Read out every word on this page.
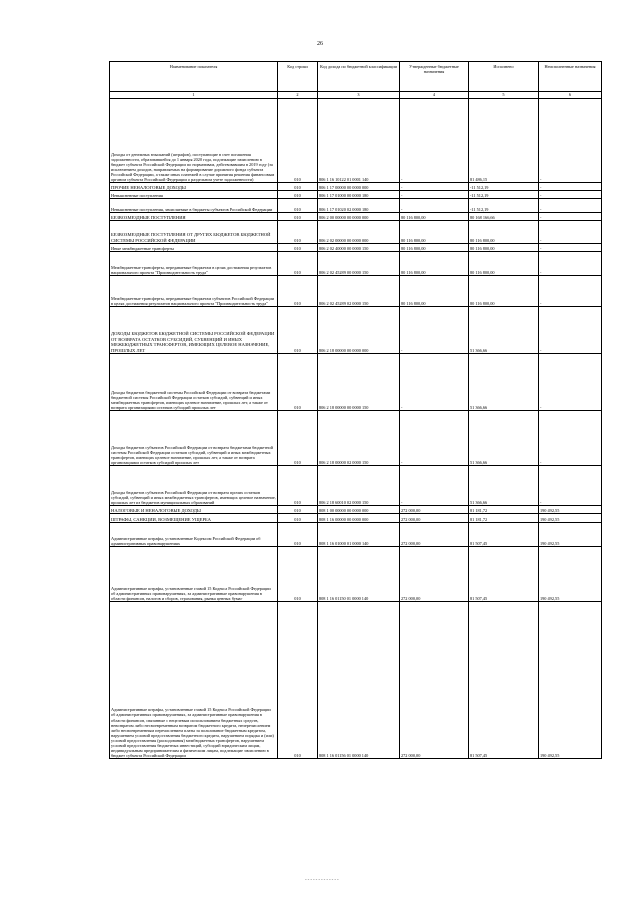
26
Наименование показателя	Код строки	Код дохода по бюджетной классификации	Утвержденные бюджетные назначения	Исполнено	Неисполненные назначения
1	2	3	4	5	6
Доходы от денежных взысканий (штрафов), поступающие в счет погашения задолженности, образовавшейся до 1 января 2020 года, подлежащие зачислению в бюджет субъекта Российской Федерации по нормативам, действовавшим в 2019 году (за исключением доходов, направляемых на формирование дорожного фонда субъекта Российской Федерации, а также иных платежей в случае принятия решения финансовым органом субъекта Российской Федерации о раздельном учете задолженности)	010	806 1 16 10122 01 0001 140	-	81 486,15	-
ПРОЧИЕ НЕНАЛОГОВЫЕ ДОХОДЫ	010	806 1 17 00000 00 0000 000	-	-11 512,19	-
Невыясненные поступления	010	806 1 17 01000 00 0000 180	-	-11 512,19	-
Невыясненные поступления, зачисляемые в бюджеты субъектов Российской Федерации	010	806 1 17 01020 02 0000 180	-	-11 512,19	-
БЕЗВОЗМЕЗДНЫЕ ПОСТУПЛЕНИЯ	010	806 2 00 00000 00 0000 000	80 116 800,00	80 168 166,66	-
БЕЗВОЗМЕЗДНЫЕ ПОСТУПЛЕНИЯ ОТ ДРУГИХ БЮДЖЕТОВ БЮДЖЕТНОЙ СИСТЕМЫ РОССИЙСКОЙ ФЕДЕРАЦИИ	010	806 2 02 00000 00 0000 000	80 116 800,00	80 116 800,00	-
Иные межбюджетные трансферты	010	806 2 02 40000 00 0000 150	80 116 800,00	80 116 800,00	-
Межбюджетные трансферты, передаваемые бюджетам в целях достижения результатов национального проекта "Производительность труда"	010	806 2 02 45289 00 0000 150	80 116 800,00	80 116 800,00	-
Межбюджетные трансферты, передаваемые бюджетам субъектов Российской Федерации в целях достижения результатов национального проекта "Производительность труда"	010	806 2 02 45289 02 0000 150	80 116 800,00	80 116 800,00	-
ДОХОДЫ БЮДЖЕТОВ БЮДЖЕТНОЙ СИСТЕМЫ РОССИЙСКОЙ ФЕДЕРАЦИИ ОТ ВОЗВРАТА ОСТАТКОВ СУБСИДИЙ, СУБВЕНЦИЙ И ИНЫХ МЕЖБЮДЖЕТНЫХ ТРАНСФЕРТОВ, ИМЕЮЩИХ ЦЕЛЕВОЕ НАЗНАЧЕНИЕ, ПРОШЛЫХ ЛЕТ	010	806 2 18 00000 00 0000 000	-	51 366,66	-
Доходы бюджетов бюджетной системы Российской Федерации от возврата бюджетами бюджетной системы Российской Федерации остатков субсидий, субвенций и иных межбюджетных трансфертов, имеющих целевое назначение, прошлых лет, а также от возврата организациями остатков субсидий прошлых лет	010	806 2 18 00000 00 0000 150	-	51 366,66	-
Доходы бюджетов субъектов Российской Федерации от возврата бюджетами бюджетной системы Российской Федерации остатков субсидий, субвенций и иных межбюджетных трансфертов, имеющих целевое назначение, прошлых лет, а также от возврата организациями остатков субсидий прошлых лет	010	806 2 18 00000 02 0000 150	-	51 366,66	-
Доходы бюджетов субъектов Российской Федерации от возврата прочих остатков субсидий, субвенций и иных межбюджетных трансфертов, имеющих целевое назначение, прошлых лет из бюджетов муниципальных образований	010	806 2 18 60010 02 0000 150	-	51 366,66	-
НАЛОГОВЫЕ И НЕНАЛОГОВЫЕ ДОХОДЫ	010	808 1 00 00000 00 0000 000	272 000,00	81 181,72	190 492,55
ШТРАФЫ, САНКЦИИ, ВОЗМЕЩЕНИЕ УЩЕРБА	010	808 1 16 00000 00 0000 000	272 000,00	81 181,72	190 492,55
Административные штрафы, установленные Кодексом Российской Федерации об административных правонарушениях	010	808 1 16 01000 01 0000 140	272 000,00	81 507,45	190 492,55
Административные штрафы, установленные главой 15 Кодекса Российской Федерации об административных правонарушениях, за административные правонарушения в области финансов, налогов и сборов, страхования, рынка ценных бумаг	010	808 1 16 01150 01 0000 140	272 000,00	81 507,45	190 492,55
Административные штрафы, установленные главой 15 Кодекса Российской Федерации об административных правонарушениях, за административные правонарушения в области финансов, связанные с нецелевым использованием бюджетных средств, невозвратом либо несвоевременным возвратом бюджетного кредита, неперечислением либо несвоевременным перечислением платы за пользование бюджетным кредитом, нарушением условий предоставления бюджетного кредита, нарушением порядка и (или) условий предоставления (расходования) межбюджетных трансфертов, нарушением условий предоставления бюджетных инвестиций, субсидий юридическим лицам, индивидуальным предпринимателям и физическим лицам, подлежащие зачислению в бюджет субъекта Российской Федерации	010	808 1 16 01156 01 0000 140	272 000,00	81 507,45	190 492,55
-------------
